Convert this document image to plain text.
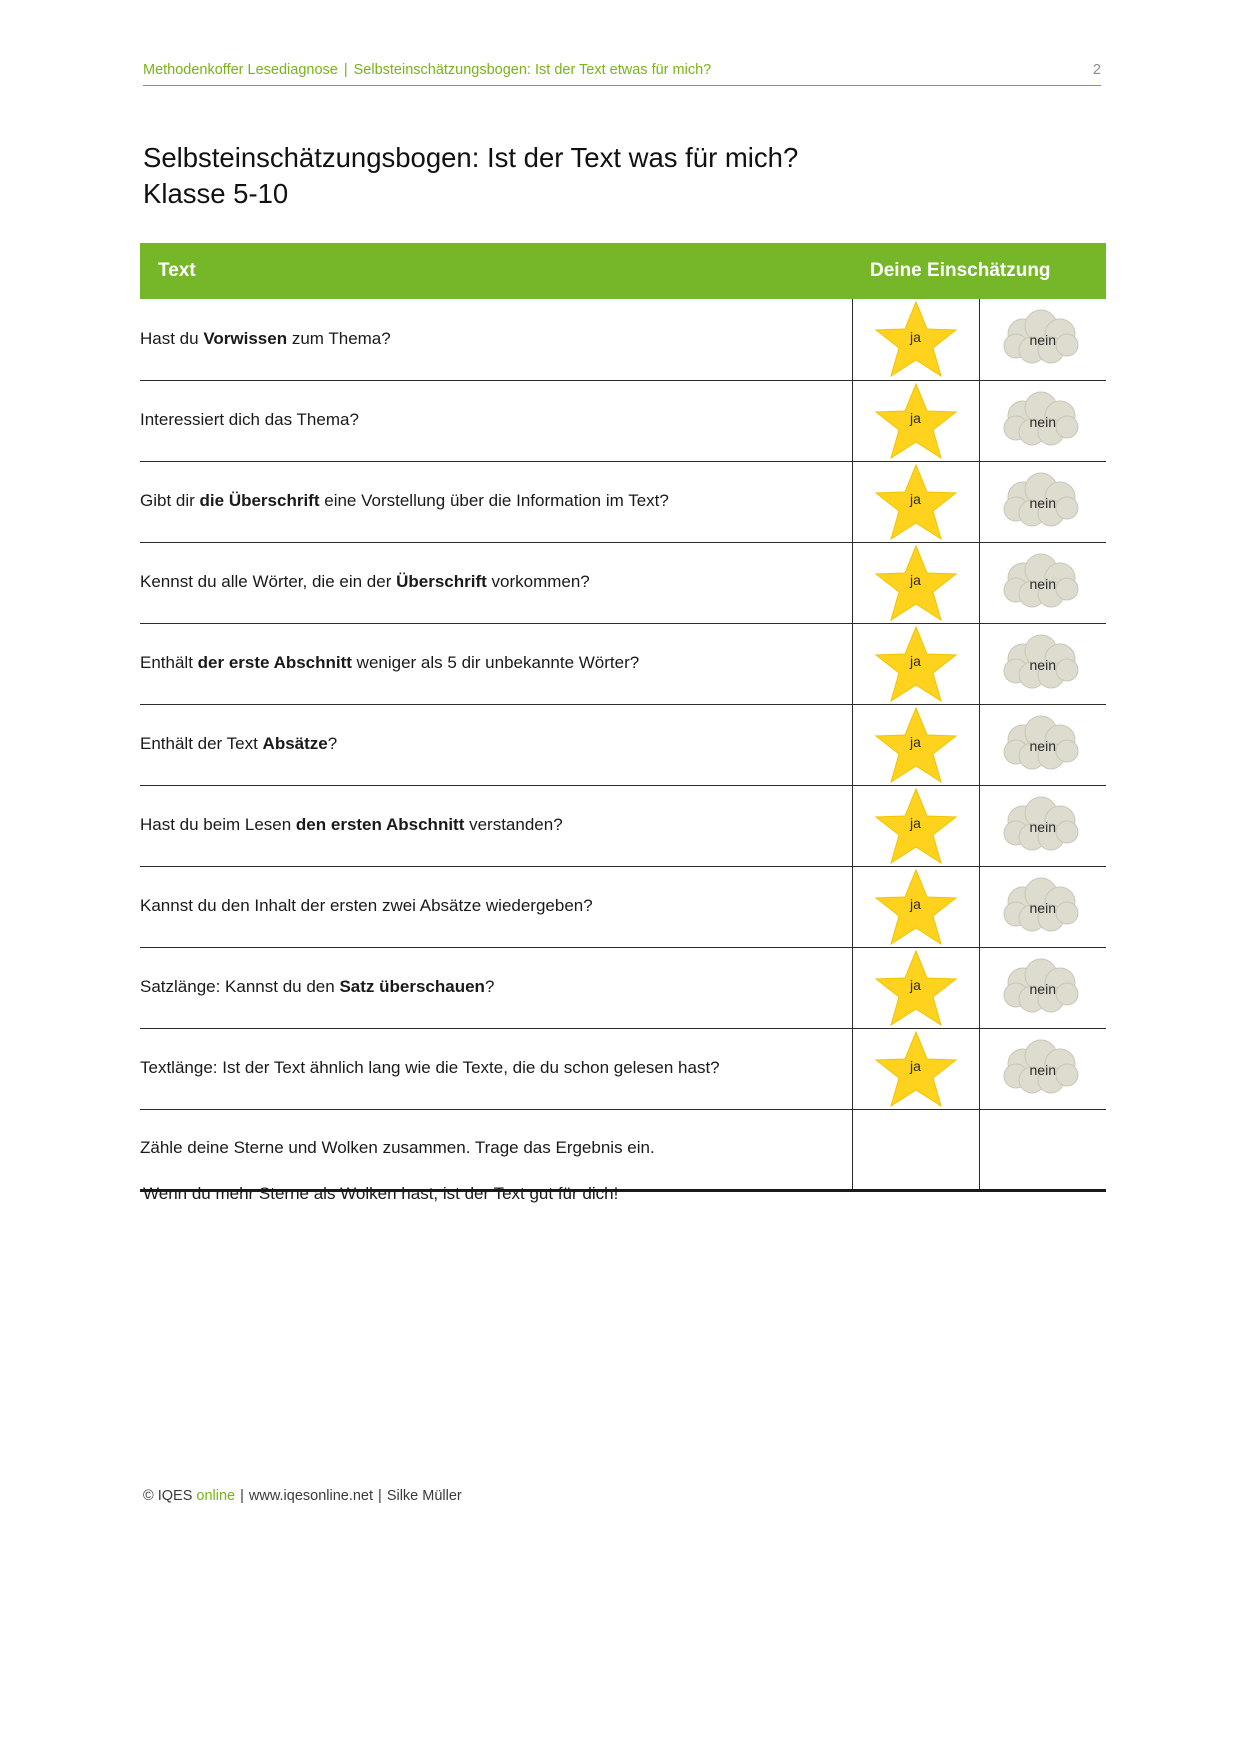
Methodenkoffer Lesediagnose | Selbsteinschätzungsbogen: Ist der Text etwas für mich?	2
Selbsteinschätzungsbogen: Ist der Text was für mich?
Klasse 5-10
Text	Deine Einschätzung	
Hast du Vorwissen zum Thema?	ja	nein

Interessiert dich das Thema?	ja	nein

Gibt dir die Überschrift eine Vorstellung über die Information im Text?	ja	nein

Kennst du alle Wörter, die ein der Überschrift vorkommen?	ja	nein

Enthält der erste Abschnitt weniger als 5 dir unbekannte Wörter?	ja	nein

Enthält der Text Absätze?	ja	nein

Hast du beim Lesen den ersten Abschnitt verstanden?	ja	nein

Kannst du den Inhalt der ersten zwei Absätze wiedergeben?	ja	nein

Satzlänge: Kannst du den Satz überschauen?	ja	nein

Textlänge: Ist der Text ähnlich lang wie die Texte, die du schon gelesen hast?	ja	nein

Zähle deine Sterne und Wolken zusammen. Trage das Ergebnis ein.		
Wenn du mehr Sterne als Wolken hast, ist der Text gut für dich!
© IQES online | www.iqesonline.net | Silke Müller
